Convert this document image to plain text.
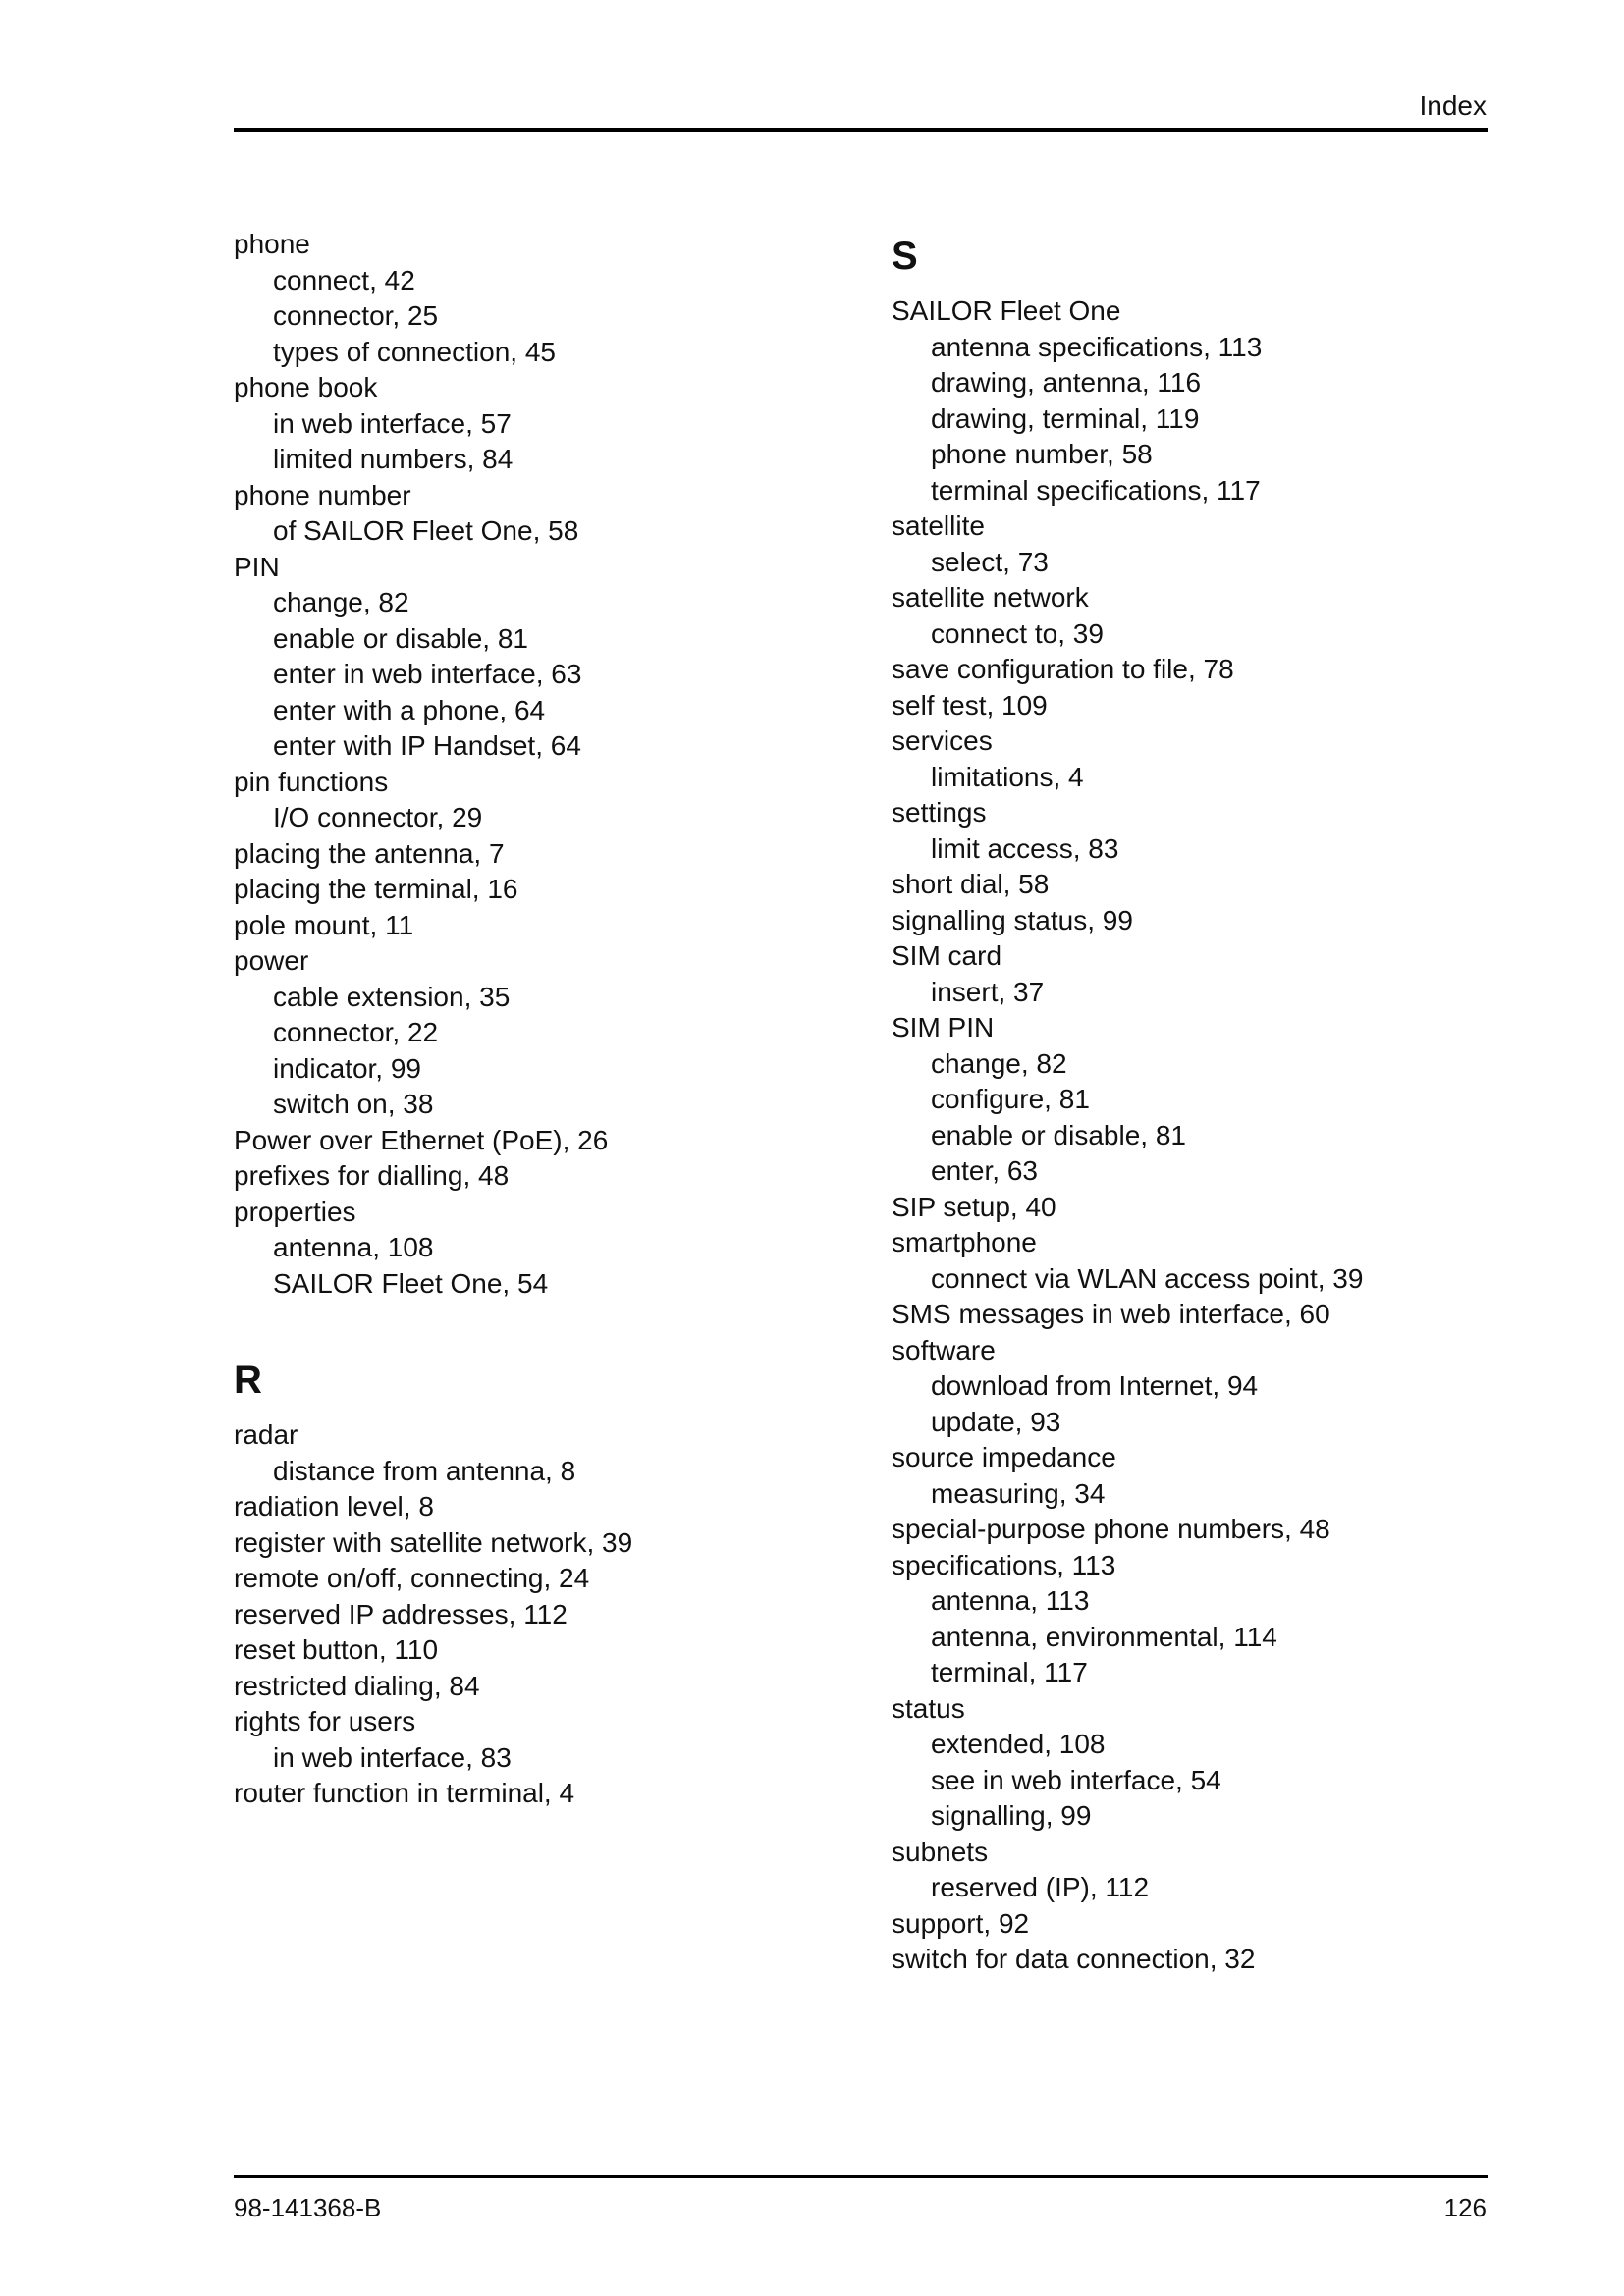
Index
phone
connect, 42
connector, 25
types of connection, 45
phone book
in web interface, 57
limited numbers, 84
phone number
of SAILOR Fleet One, 58
PIN
change, 82
enable or disable, 81
enter in web interface, 63
enter with a phone, 64
enter with IP Handset, 64
pin functions
I/O connector, 29
placing the antenna, 7
placing the terminal, 16
pole mount, 11
power
cable extension, 35
connector, 22
indicator, 99
switch on, 38
Power over Ethernet (PoE), 26
prefixes for dialling, 48
properties
antenna, 108
SAILOR Fleet One, 54
R
radar
distance from antenna, 8
radiation level, 8
register with satellite network, 39
remote on/off, connecting, 24
reserved IP addresses, 112
reset button, 110
restricted dialing, 84
rights for users
in web interface, 83
router function in terminal, 4
S
SAILOR Fleet One
antenna specifications, 113
drawing, antenna, 116
drawing, terminal, 119
phone number, 58
terminal specifications, 117
satellite
select, 73
satellite network
connect to, 39
save configuration to file, 78
self test, 109
services
limitations, 4
settings
limit access, 83
short dial, 58
signalling status, 99
SIM card
insert, 37
SIM PIN
change, 82
configure, 81
enable or disable, 81
enter, 63
SIP setup, 40
smartphone
connect via WLAN access point, 39
SMS messages in web interface, 60
software
download from Internet, 94
update, 93
source impedance
measuring, 34
special-purpose phone numbers, 48
specifications, 113
antenna, 113
antenna, environmental, 114
terminal, 117
status
extended, 108
see in web interface, 54
signalling, 99
subnets
reserved (IP), 112
support, 92
switch for data connection, 32
98-141368-B	126
